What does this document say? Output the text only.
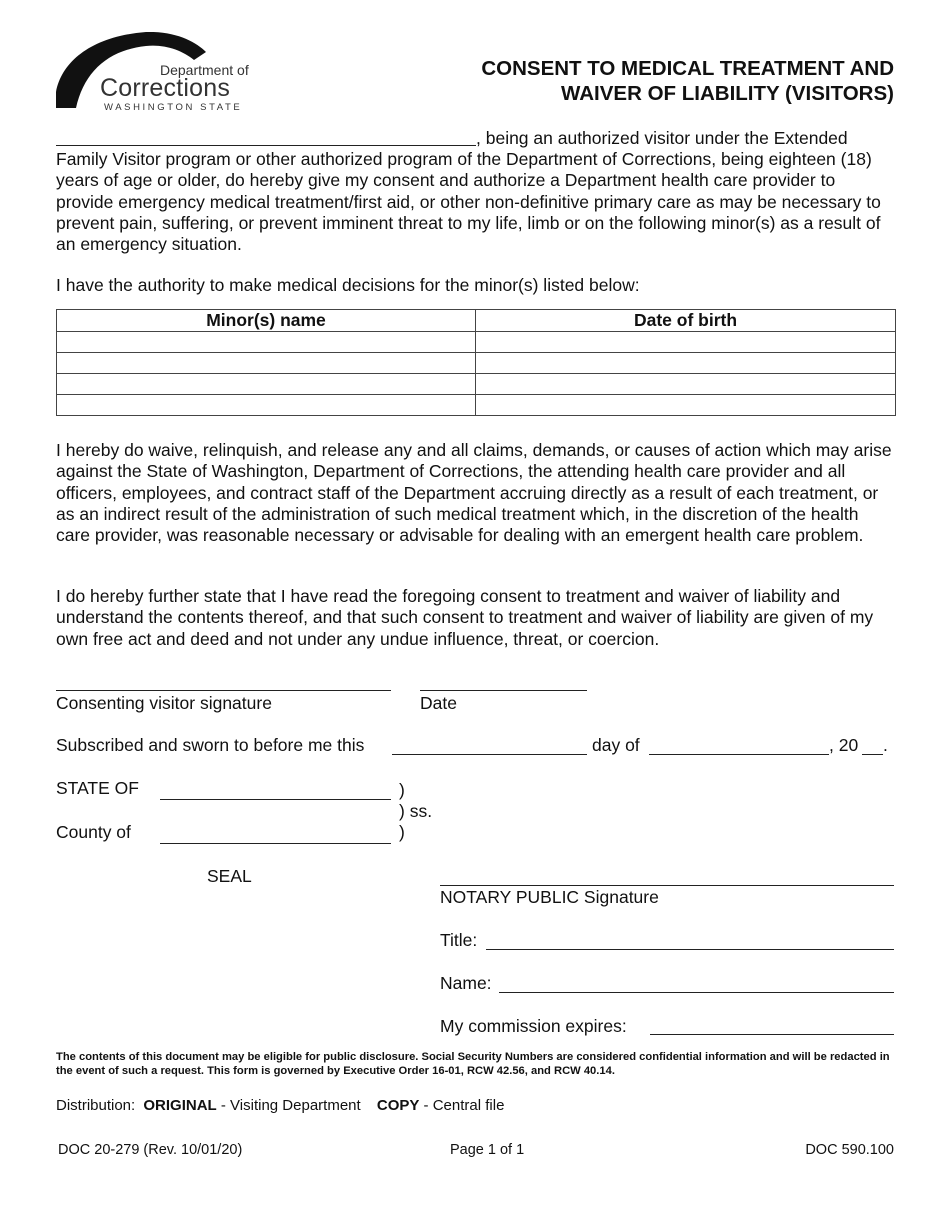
Department of
Corrections
WASHINGTON STATE
CONSENT TO MEDICAL TREATMENT AND
WAIVER OF LIABILITY (VISITORS)
, being an authorized visitor under the Extended
Family Visitor program or other authorized program of the Department of Corrections, being eighteen (18) years of age or older, do hereby give my consent and authorize a Department health care provider to provide emergency medical treatment/first aid, or other non-definitive primary care as may be necessary to prevent pain, suffering, or prevent imminent threat to my life, limb or on the following minor(s) as a result of an emergency situation.
I have the authority to make medical decisions for the minor(s) listed below:
Minor(s) name	Date of birth

I hereby do waive, relinquish, and release any and all claims, demands, or causes of action which may arise against the State of Washington, Department of Corrections, the attending health care provider and all officers, employees, and contract staff of the Department accruing directly as a result of each treatment, or as an indirect result of the administration of such medical treatment which, in the discretion of the health care provider, was reasonable necessary or advisable for dealing with an emergent health care problem.
I do hereby further state that I have read the foregoing consent to treatment and waiver of liability and understand the contents thereof, and that such consent to treatment and waiver of liability are given of my own free act and deed and not under any undue influence, threat, or coercion.
Consenting visitor signature	Date
Subscribed and sworn to before me this	day of	, 20 .
STATE OF	)
) ss.
County of	)
SEAL
NOTARY PUBLIC Signature
Title:
Name:
My commission expires:
The contents of this document may be eligible for public disclosure. Social Security Numbers are considered confidential information and will be redacted in the event of such a request. This form is governed by Executive Order 16-01, RCW 42.56, and RCW 40.14.
Distribution: ORIGINAL - Visiting Department COPY - Central file
DOC 20-279 (Rev. 10/01/20)	Page 1 of 1	DOC 590.100
